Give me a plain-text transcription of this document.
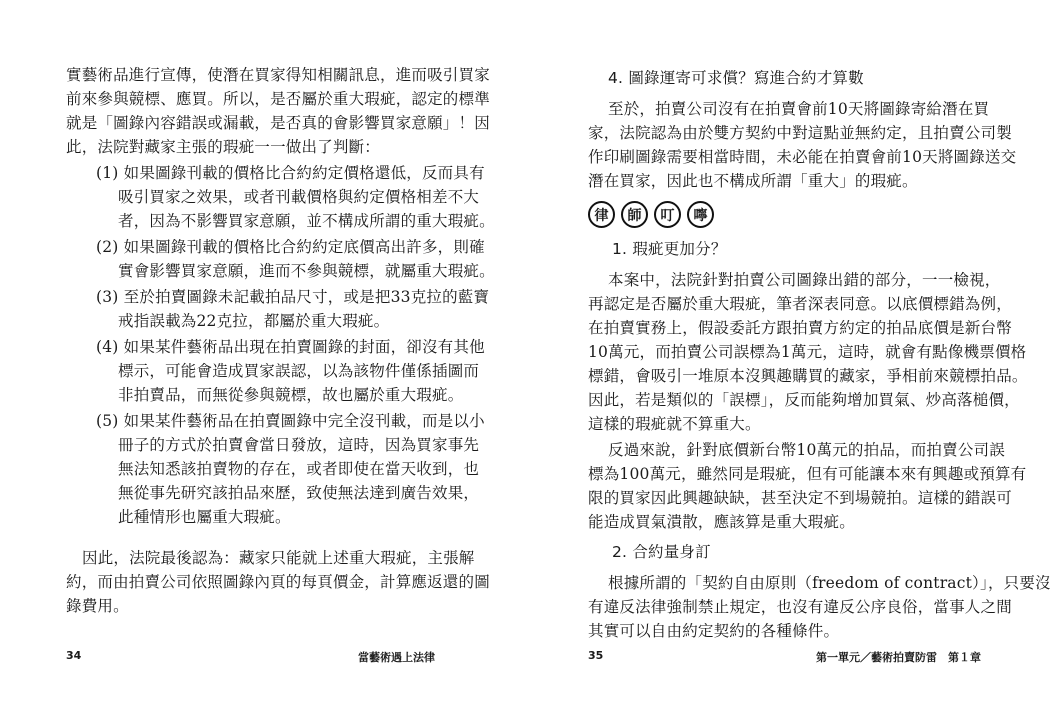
實藝術品進行宣傳，使潛在買家得知相關訊息，進而吸引買家
前來參與競標、應買。所以，是否屬於重大瑕疵，認定的標準
就是「圖錄內容錯誤或漏載，是否真的會影響買家意願」！因
此，法院對藏家主張的瑕疵一一做出了判斷：
(1) 如果圖錄刊載的價格比合約約定價格還低，反而具有
吸引買家之效果，或者刊載價格與約定價格相差不大
者，因為不影響買家意願，並不構成所謂的重大瑕疵。
(2) 如果圖錄刊載的價格比合約約定底價高出許多，則確
實會影響買家意願，進而不參與競標，就屬重大瑕疵。
(3) 至於拍賣圖錄未記載拍品尺寸，或是把33克拉的藍寶
戒指誤載為22克拉，都屬於重大瑕疵。
(4) 如果某件藝術品出現在拍賣圖錄的封面，卻沒有其他
標示，可能會造成買家誤認，以為該物件僅係插圖而
非拍賣品，而無從參與競標，故也屬於重大瑕疵。
(5) 如果某件藝術品在拍賣圖錄中完全沒刊載，而是以小
冊子的方式於拍賣會當日發放，這時，因為買家事先
無法知悉該拍賣物的存在，或者即使在當天收到，也
無從事先研究該拍品來歷，致使無法達到廣告效果，
此種情形也屬重大瑕疵。
因此，法院最後認為：藏家只能就上述重大瑕疵，主張解
約，而由拍賣公司依照圖錄內頁的每頁價金，計算應返還的圖
錄費用。
34	當藝術遇上法律
4. 圖錄運寄可求償？寫進合約才算數
至於，拍賣公司沒有在拍賣會前10天將圖錄寄給潛在買
家，法院認為由於雙方契約中對這點並無約定，且拍賣公司製
作印刷圖錄需要相當時間，未必能在拍賣會前10天將圖錄送交
潛在買家，因此也不構成所謂「重大」的瑕疵。
1. 瑕疵更加分？
本案中，法院針對拍賣公司圖錄出錯的部分，一一檢視，
再認定是否屬於重大瑕疵，筆者深表同意。以底價標錯為例，
在拍賣實務上，假設委託方跟拍賣方約定的拍品底價是新台幣
10萬元，而拍賣公司誤標為1萬元，這時，就會有點像機票價格
標錯，會吸引一堆原本沒興趣購買的藏家，爭相前來競標拍品。
因此，若是類似的「誤標」，反而能夠增加買氣、炒高落槌價，
這樣的瑕疵就不算重大。
反過來說，針對底價新台幣10萬元的拍品，而拍賣公司誤
標為100萬元，雖然同是瑕疵，但有可能讓本來有興趣或預算有
限的買家因此興趣缺缺，甚至決定不到場競拍。這樣的錯誤可
能造成買氣潰散，應該算是重大瑕疵。
2. 合約量身訂
根據所謂的「契約自由原則（freedom of contract）」，只要沒
有違反法律強制禁止規定，也沒有違反公序良俗，當事人之間
其實可以自由約定契約的各種條件。
35	第一單元／藝術拍賣防雷　第１章
律	師	叮	嚀
